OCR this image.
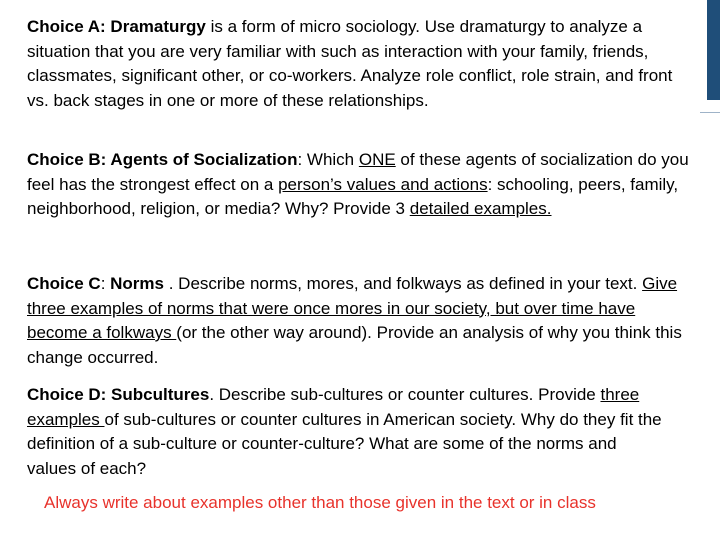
Choice A: Dramaturgy is a form of micro sociology. Use dramaturgy to analyze a situation that you are very familiar with such as interaction with your family, friends, classmates, significant other, or co-workers. Analyze role conflict, role strain, and front vs. back stages in one or more of these relationships.

Choice B: Agents of Socialization: Which ONE of these agents of socialization do you feel has the strongest effect on a person’s values and actions: schooling, peers, family, neighborhood, religion, or media? Why? Provide 3 detailed examples.

Choice C: Norms . Describe norms, mores, and folkways as defined in your text. Give three examples of norms that were once mores in our society, but over time have become a folkways (or the other way around). Provide an analysis of why you think this change occurred.

Choice D: Subcultures. Describe sub-cultures or counter cultures. Provide three examples of sub-cultures or counter cultures in American society. Why do they fit the definition of a sub-culture or counter-culture? What are some of the norms and values of each?

Always write about examples other than those given in the text or in class
